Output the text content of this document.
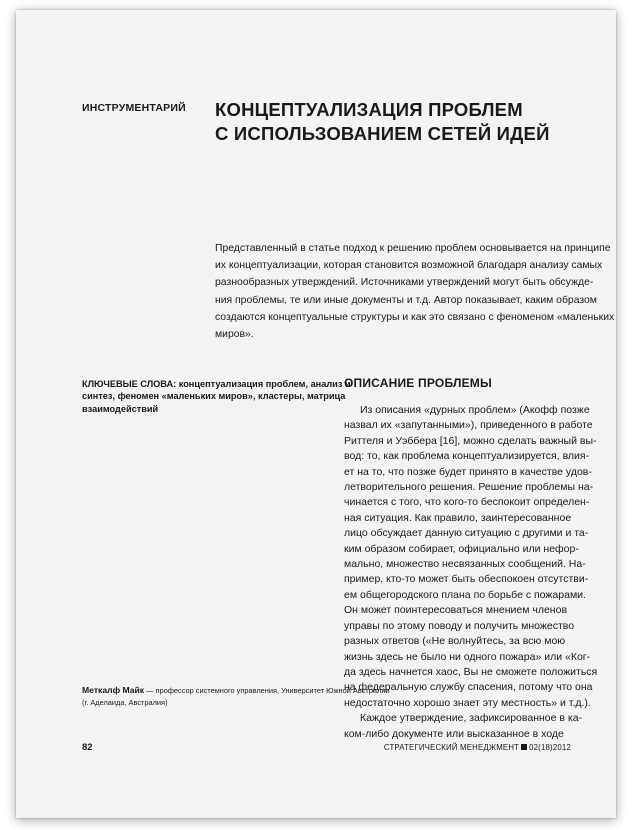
ИНСТРУМЕНТАРИЙ КОНЦЕПТУАЛИЗАЦИЯ ПРОБЛЕМ
С ИСПОЛЬЗОВАНИЕМ СЕТЕЙ ИДЕЙ
Представленный в статье подход к решению проблем основывается на принципе
их концептуализации, которая становится возможной благодаря анализу самых
разнообразных утверждений. Источниками утверждений могут быть обсужде-
ния проблемы, те или иные документы и т.д. Автор показывает, каким образом
создаются концептуальные структуры и как это связано с феноменом «маленьких
миров».
КЛЮЧЕВЫЕ СЛОВА: концептуализация проблем, анализ и
синтез, феномен «маленьких миров», кластеры, матрица
взаимодействий
ОПИСАНИЕ ПРОБЛЕМЫ
Из описания «дурных проблем» (Акофф позже
назвал их «запутанными»), приведенного в работе
Риттеля и Уэббера [16], можно сделать важный вы-
вод: то, как проблема концептуализируется, влия-
ет на то, что позже будет принято в качестве удов-
летворительного решения. Решение проблемы на-
чинается с того, что кого-то беспокоит определен-
ная ситуация. Как правило, заинтересованное
лицо обсуждает данную ситуацию с другими и та-
ким образом собирает, официально или нефор-
мально, множество несвязанных сообщений. На-
пример, кто-то может быть обеспокоен отсутстви-
ем общегородского плана по борьбе с пожарами.
Он может поинтересоваться мнением членов
управы по этому поводу и получить множество
разных ответов («Не волнуйтесь, за всю мою
жизнь здесь не было ни одного пожара» или «Ког-
да здесь начнется хаос, Вы не сможете положиться
на федеральную службу спасения, потому что она
недостаточно хорошо знает эту местность» и т.д.).
Каждое утверждение, зафиксированное в ка-
ком-либо документе или высказанное в ходе
Меткалф Майк — профессор системного управления, Университет Южной Австралии
(г. Аделаида, Австралия)
82	СТРАТЕГИЧЕСКИЙ МЕНЕДЖМЕНТ 02(18)2012
